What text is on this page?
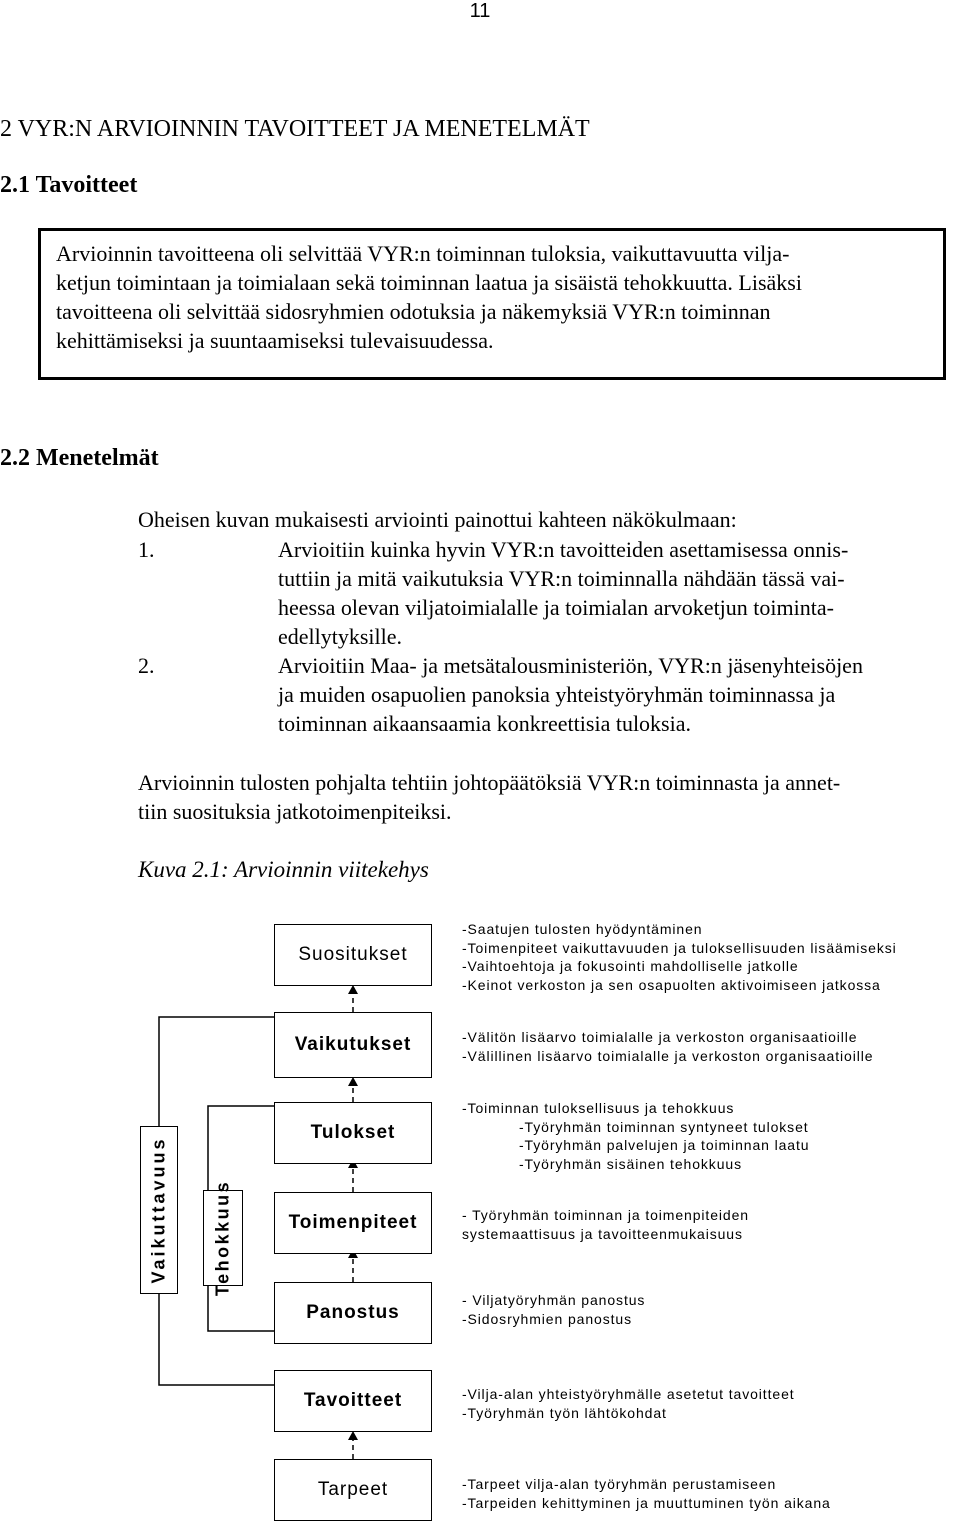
11
2 VYR:N ARVIOINNIN TAVOITTEET JA MENETELMÄT
2.1 Tavoitteet

Arvioinnin tavoitteena oli selvittää VYR:n toiminnan tuloksia, vaikuttavuutta vilja-

ketjun toimintaan ja toimialaan sekä toiminnan laatua ja sisäistä tehokkuutta. Lisäksi

tavoitteena oli selvittää sidosryhmien odotuksia ja näkemyksiä VYR:n toiminnan

kehittämiseksi ja suuntaamiseksi tulevaisuudessa.

2.2 Menetelmät
Oheisen kuvan mukaisesti arviointi painottui kahteen näkökulmaan:
1.	Arvioitiin kuinka hyvin VYR:n tavoitteiden asettamisessa onnis-
tuttiin ja mitä vaikutuksia VYR:n toiminnalla nähdään tässä vai-
heessa olevan viljatoimialalle ja toimialan arvoketjun toiminta-
edellytyksille.
2.	Arvioitiin Maa- ja metsätalousministeriön, VYR:n jäsenyhteisöjen
ja muiden osapuolien panoksia yhteistyöryhmän toiminnassa ja
toiminnan aikaansaamia konkreettisia tuloksia.
Arvioinnin tulosten pohjalta tehtiin johtopäätöksiä VYR:n toiminnasta ja annet-
tiin suosituksia jatkotoimenpiteiksi.
Kuva 2.1: Arvioinnin viitekehys
Vaikuttavuus Tehokkuus
Suositukset
Vaikutukset
Tulokset
Toimenpiteet
Panostus
Tavoitteet
Tarpeet
-Saatujen tulosten hyödyntäminen
-Toimenpiteet vaikuttavuuden ja tuloksellisuuden lisäämiseksi
-Vaihtoehtoja ja fokusointi mahdolliselle jatkolle
-Keinot verkoston ja sen osapuolten aktivoimiseen jatkossa
-Välitön lisäarvo toimialalle ja verkoston organisaatioille
-Välillinen lisäarvo toimialalle ja verkoston organisaatioille
-Toiminnan tuloksellisuus ja tehokkuus
-Työryhmän toiminnan syntyneet tulokset
-Työryhmän palvelujen ja toiminnan laatu
-Työryhmän sisäinen tehokkuus
- Työryhmän toiminnan ja toimenpiteiden
systemaattisuus ja tavoitteenmukaisuus
- Viljatyöryhmän panostus
-Sidosryhmien panostus
-Vilja-alan yhteistyöryhmälle asetetut tavoitteet
-Työryhmän työn lähtökohdat
-Tarpeet vilja-alan työryhmän perustamiseen
-Tarpeiden kehittyminen ja muuttuminen työn aikana
